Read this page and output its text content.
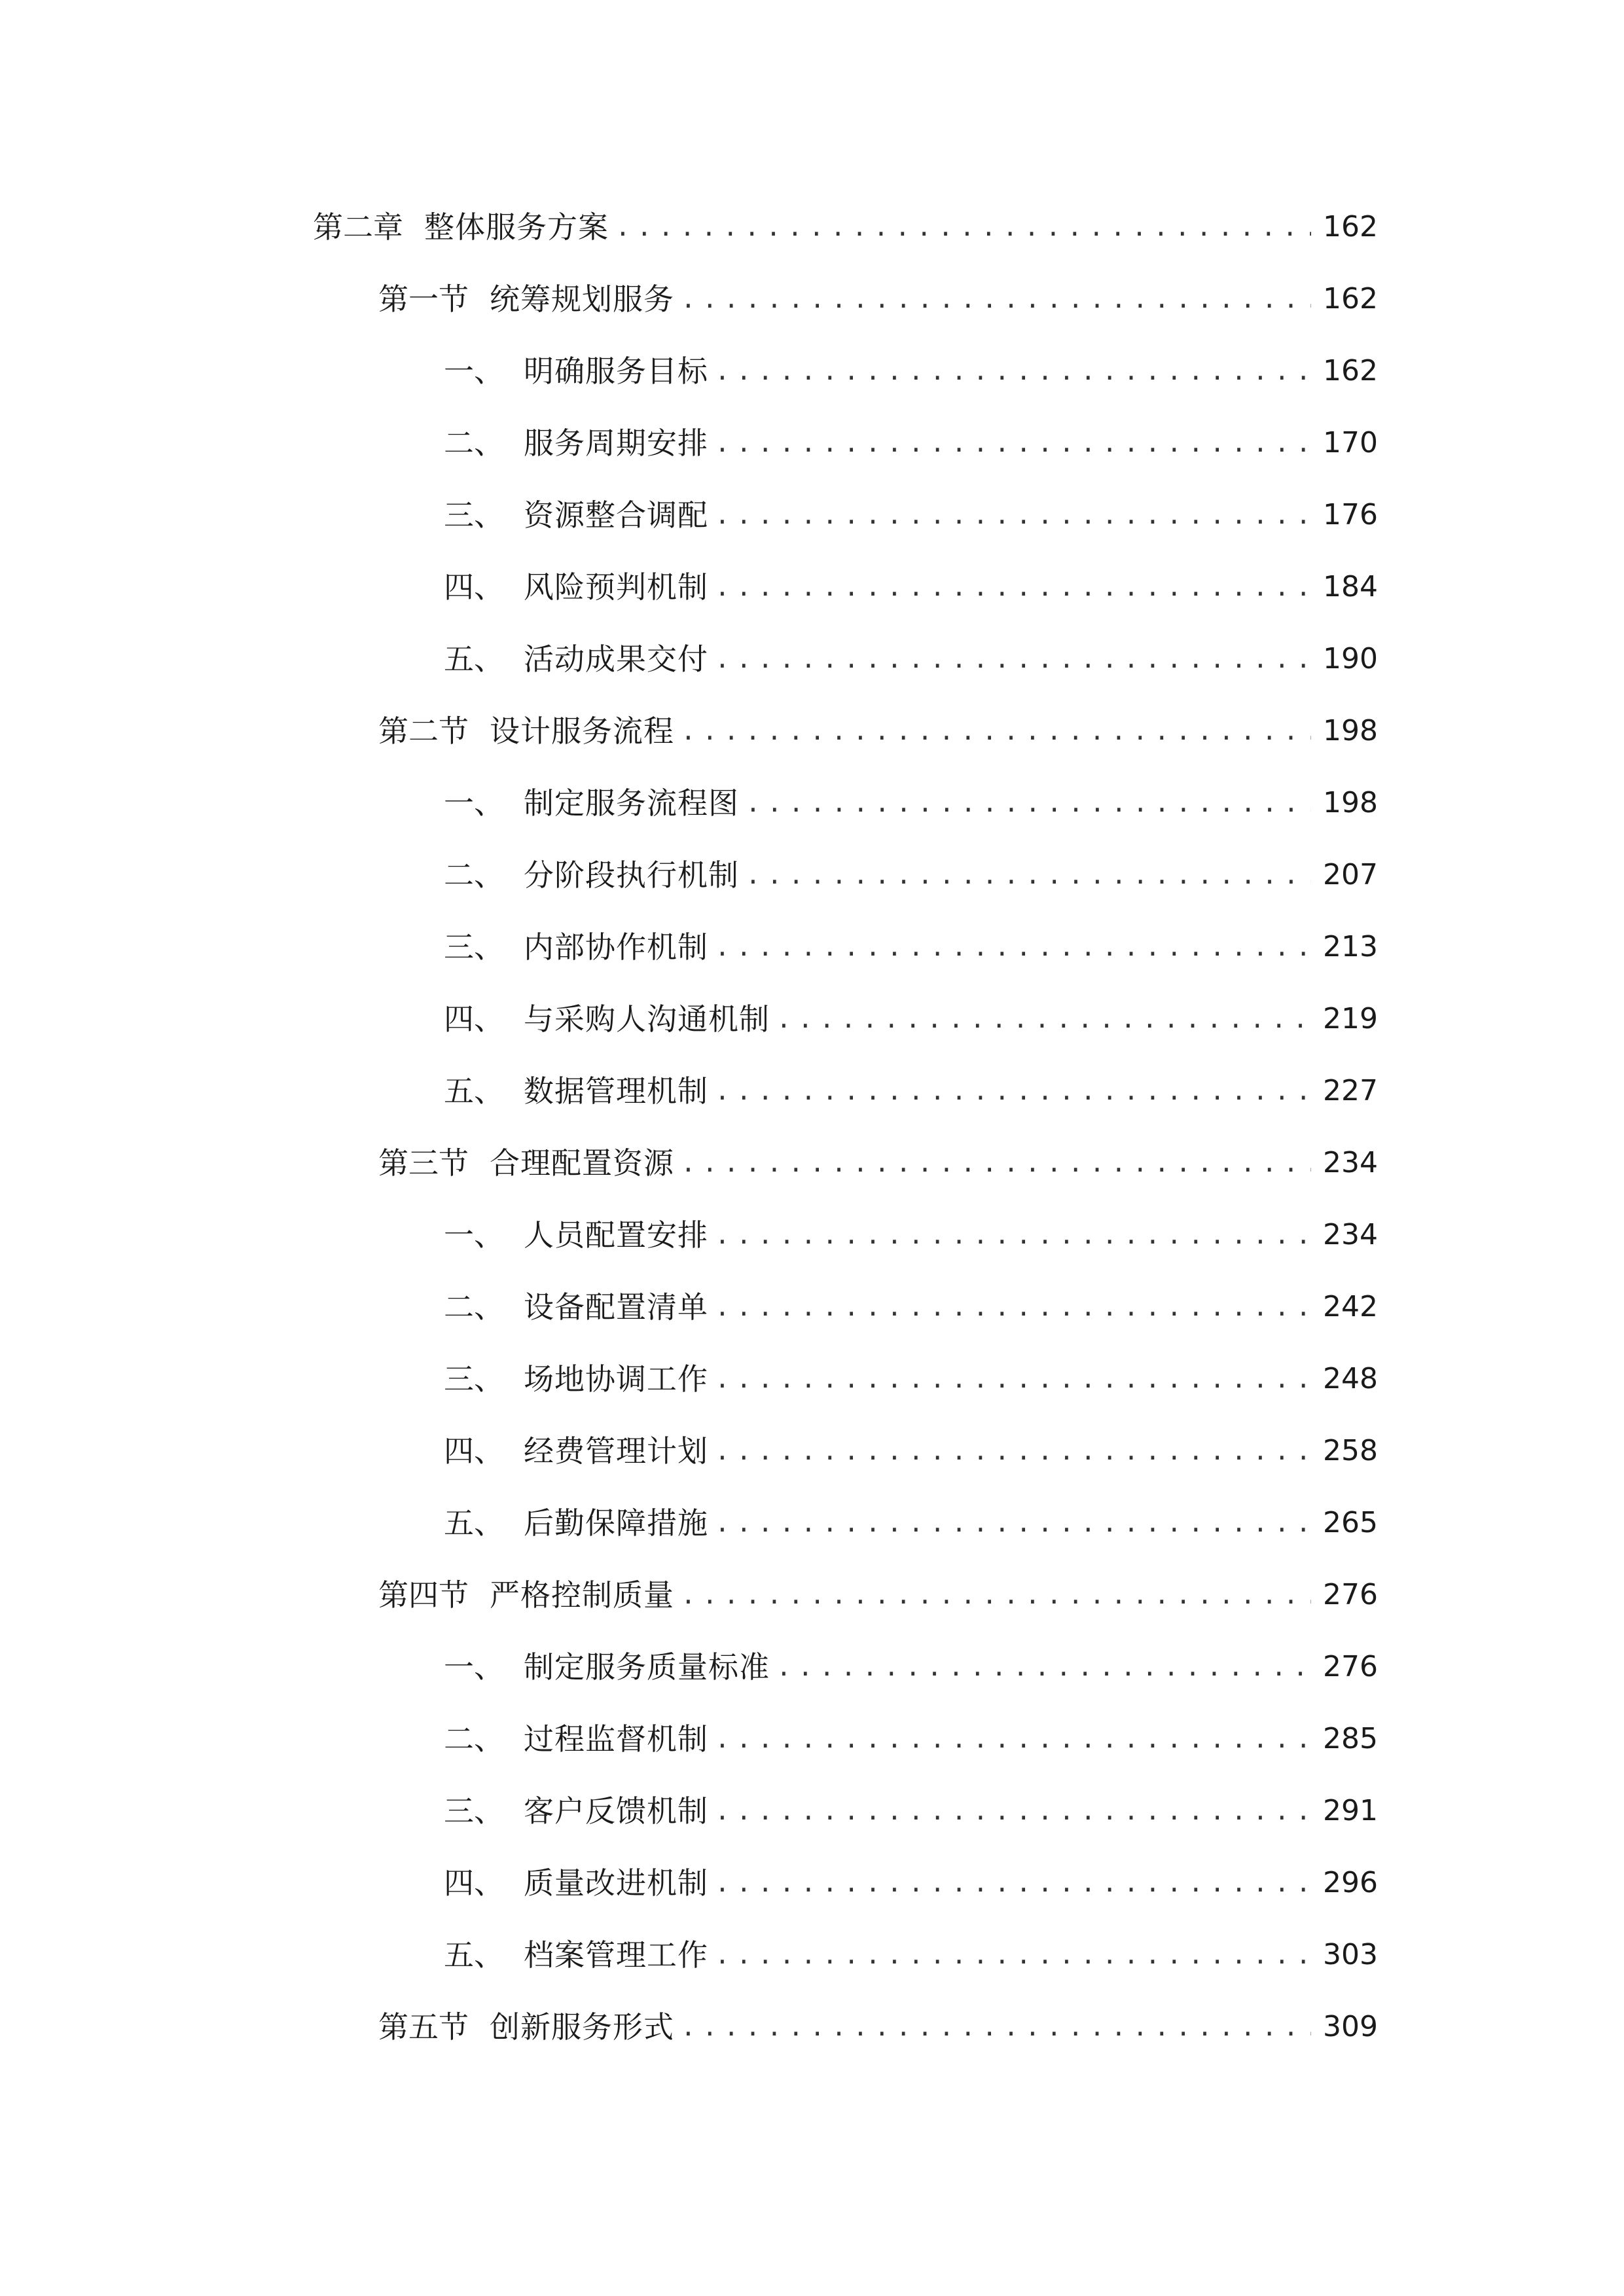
第二章 整体服务方案 .....	162
第一节 统筹规划服务 .....	162
一、 明确服务目标 .....	162
二、 服务周期安排 .....	170
三、 资源整合调配 .....	176
四、 风险预判机制 .....	184
五、 活动成果交付 .....	190
第二节 设计服务流程 .....	198
一、 制定服务流程图 .....	198
二、 分阶段执行机制 .....	207
三、 内部协作机制 .....	213
四、 与采购人沟通机制 .....	219
五、 数据管理机制 .....	227
第三节 合理配置资源 .....	234
一、 人员配置安排 .....	234
二、 设备配置清单 .....	242
三、 场地协调工作 .....	248
四、 经费管理计划 .....	258
五、 后勤保障措施 .....	265
第四节 严格控制质量 .....	276
一、 制定服务质量标准 .....	276
二、 过程监督机制 .....	285
三、 客户反馈机制 .....	291
四、 质量改进机制 .....	296
五、 档案管理工作 .....	303
第五节 创新服务形式 .....	309
